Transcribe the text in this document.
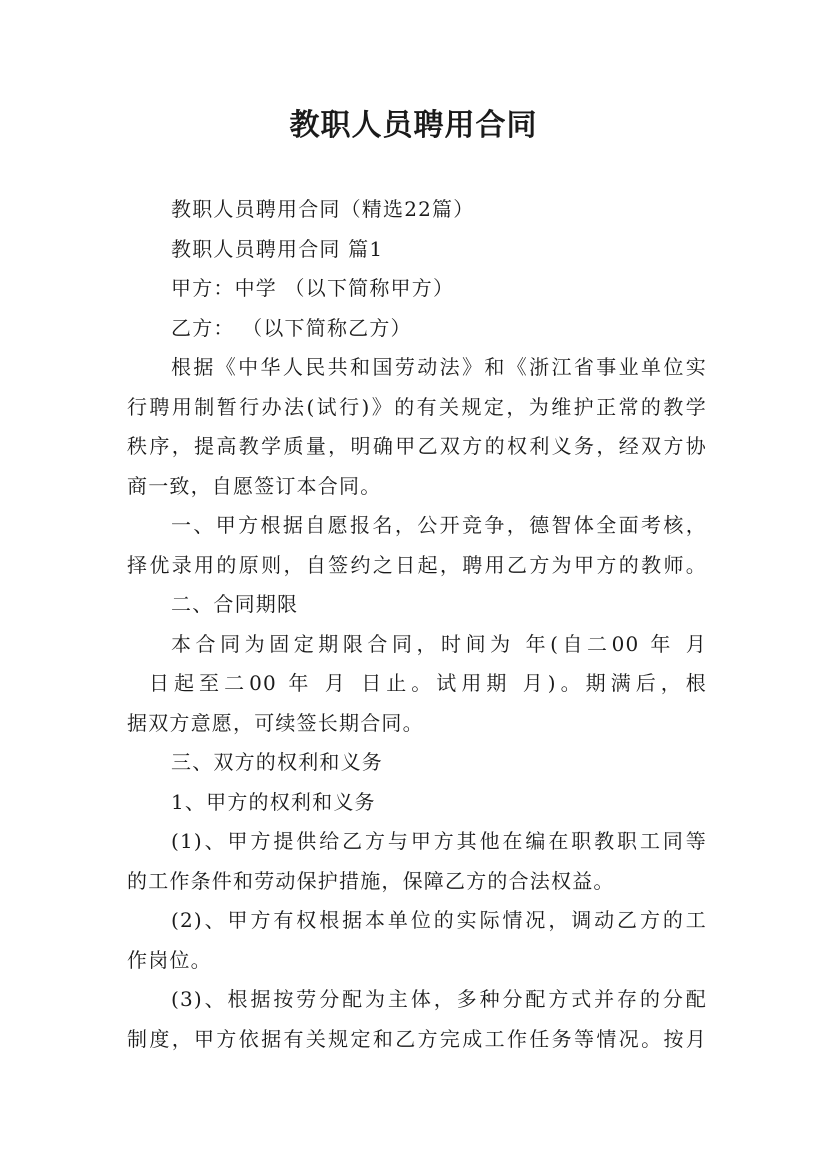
教职人员聘用合同
教职人员聘用合同（精选22篇）
教职人员聘用合同 篇1
甲方：中学 （以下简称甲方）
乙方： （以下简称乙方）
根据《中华人民共和国劳动法》和《浙江省事业单位实
行聘用制暂行办法(试行)》的有关规定，为维护正常的教学
秩序，提高教学质量，明确甲乙双方的权利义务，经双方协
商一致，自愿签订本合同。
一、甲方根据自愿报名，公开竞争，德智体全面考核，
择优录用的原则，自签约之日起，聘用乙方为甲方的教师。
二、合同期限
本合同为固定期限合同，时间为 年(自二00 年 月
日起至二00 年 月 日止。试用期 月)。期满后，根
据双方意愿，可续签长期合同。
三、双方的权利和义务
1、甲方的权利和义务
(1)、甲方提供给乙方与甲方其他在编在职教职工同等
的工作条件和劳动保护措施，保障乙方的合法权益。
(2)、甲方有权根据本单位的实际情况，调动乙方的工
作岗位。
(3)、根据按劳分配为主体，多种分配方式并存的分配
制度，甲方依据有关规定和乙方完成工作任务等情况。按月
